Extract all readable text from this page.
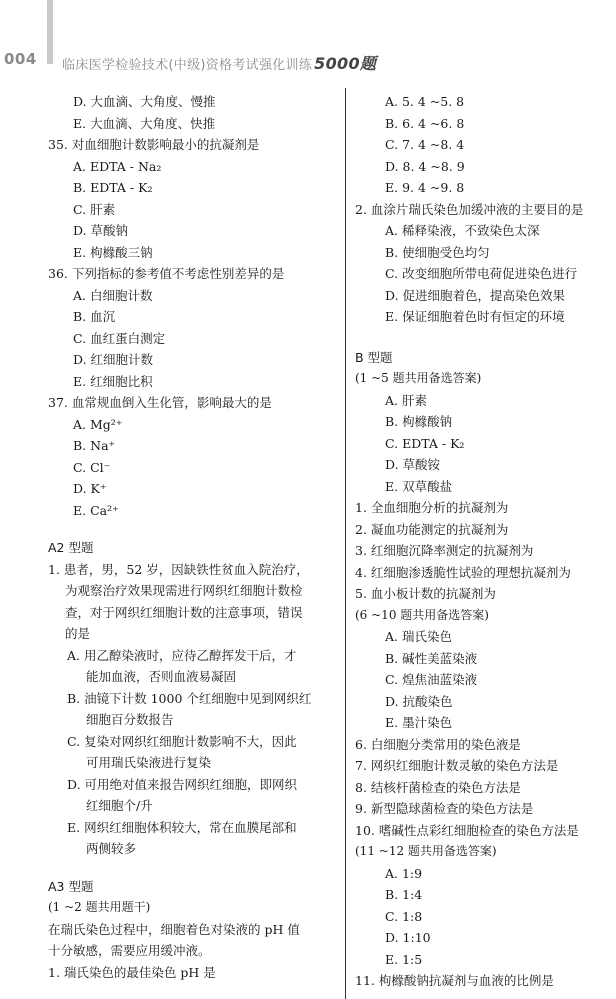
004 临床医学检验技术(中级)资格考试强化训练 5000题
D. 大血滴、大角度、慢推
E. 大血滴、大角度、快推
35. 对血细胞计数影响最小的抗凝剂是
A. EDTA - Na₂
B. EDTA - K₂
C. 肝素
D. 草酸钠
E. 枸橼酸三钠
36. 下列指标的参考值不考虑性别差异的是
A. 白细胞计数
B. 血沉
C. 血红蛋白测定
D. 红细胞计数
E. 红细胞比积
37. 血常规血倒入生化管，影响最大的是
A. Mg²⁺
B. Na⁺
C. Cl⁻
D. K⁺
E. Ca²⁺
A2 型题
1. 患者，男，52 岁，因缺铁性贫血入院治疗，
为观察治疗效果现需进行网织红细胞计数检
查，对于网织红细胞计数的注意事项，错误
的是
A. 用乙醇染液时，应待乙醇挥发干后，才
能加血液，否则血液易凝固
B. 油镜下计数 1000 个红细胞中见到网织红
细胞百分数报告
C. 复染对网织红细胞计数影响不大，因此
可用瑞氏染液进行复染
D. 可用绝对值来报告网织红细胞，即网织
红细胞个/升
E. 网织红细胞体积较大，常在血膜尾部和
两侧较多
A3 型题
(1 ~2 题共用题干)
在瑞氏染色过程中，细胞着色对染液的 pH 值
十分敏感，需要应用缓冲液。
1. 瑞氏染色的最佳染色 pH 是
A. 5. 4 ~5. 8
B. 6. 4 ~6. 8
C. 7. 4 ~8. 4
D. 8. 4 ~8. 9
E. 9. 4 ~9. 8
2. 血涂片瑞氏染色加缓冲液的主要目的是
A. 稀释染液，不致染色太深
B. 使细胞受色均匀
C. 改变细胞所带电荷促进染色进行
D. 促进细胞着色，提高染色效果
E. 保证细胞着色时有恒定的环境
B 型题
(1 ~5 题共用备选答案)
A. 肝素
B. 枸橼酸钠
C. EDTA - K₂
D. 草酸铵
E. 双草酸盐
1. 全血细胞分析的抗凝剂为
2. 凝血功能测定的抗凝剂为
3. 红细胞沉降率测定的抗凝剂为
4. 红细胞渗透脆性试验的理想抗凝剂为
5. 血小板计数的抗凝剂为
(6 ~10 题共用备选答案)
A. 瑞氏染色
B. 碱性美蓝染液
C. 煌焦油蓝染液
D. 抗酸染色
E. 墨汁染色
6. 白细胞分类常用的染色液是
7. 网织红细胞计数灵敏的染色方法是
8. 结核杆菌检查的染色方法是
9. 新型隐球菌检查的染色方法是
10. 嗜碱性点彩红细胞检查的染色方法是
(11 ~12 题共用备选答案)
A. 1:9
B. 1:4
C. 1:8
D. 1:10
E. 1:5
11. 枸橼酸钠抗凝剂与血液的比例是
